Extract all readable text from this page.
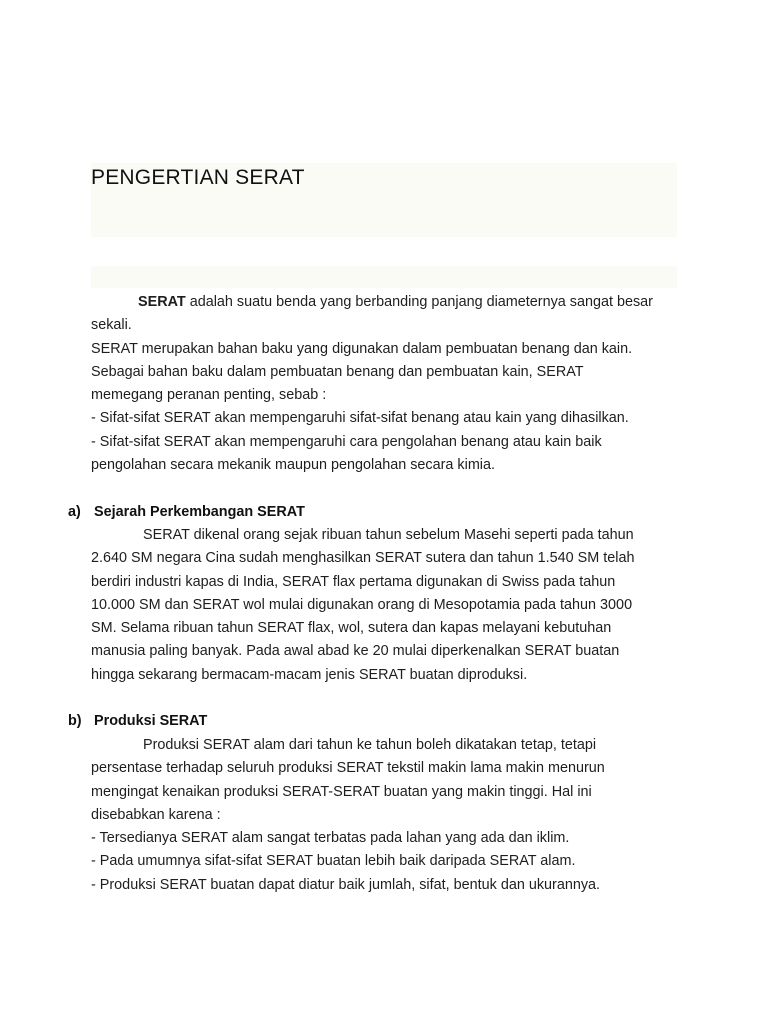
PENGERTIAN SERAT
SERAT adalah suatu benda yang berbanding panjang diameternya sangat besar
sekali.
SERAT merupakan bahan baku yang digunakan dalam pembuatan benang dan kain.
Sebagai bahan baku dalam pembuatan benang dan pembuatan kain, SERAT
memegang peranan penting, sebab :
- Sifat-sifat SERAT akan mempengaruhi sifat-sifat benang atau kain yang dihasilkan.
- Sifat-sifat SERAT akan mempengaruhi cara pengolahan benang atau kain baik
pengolahan secara mekanik maupun pengolahan secara kimia.
a) Sejarah Perkembangan SERAT
SERAT dikenal orang sejak ribuan tahun sebelum Masehi seperti pada tahun
2.640 SM negara Cina sudah menghasilkan SERAT sutera dan tahun 1.540 SM telah
berdiri industri kapas di India, SERAT flax pertama digunakan di Swiss pada tahun
10.000 SM dan SERAT wol mulai digunakan orang di Mesopotamia pada tahun 3000
SM. Selama ribuan tahun SERAT flax, wol, sutera dan kapas melayani kebutuhan
manusia paling banyak. Pada awal abad ke 20 mulai diperkenalkan SERAT buatan
hingga sekarang bermacam-macam jenis SERAT buatan diproduksi.
b) Produksi SERAT
Produksi SERAT alam dari tahun ke tahun boleh dikatakan tetap, tetapi
persentase terhadap seluruh produksi SERAT tekstil makin lama makin menurun
mengingat kenaikan produksi SERAT-SERAT buatan yang makin tinggi. Hal ini
disebabkan karena :
- Tersedianya SERAT alam sangat terbatas pada lahan yang ada dan iklim.
- Pada umumnya sifat-sifat SERAT buatan lebih baik daripada SERAT alam.
- Produksi SERAT buatan dapat diatur baik jumlah, sifat, bentuk dan ukurannya.
